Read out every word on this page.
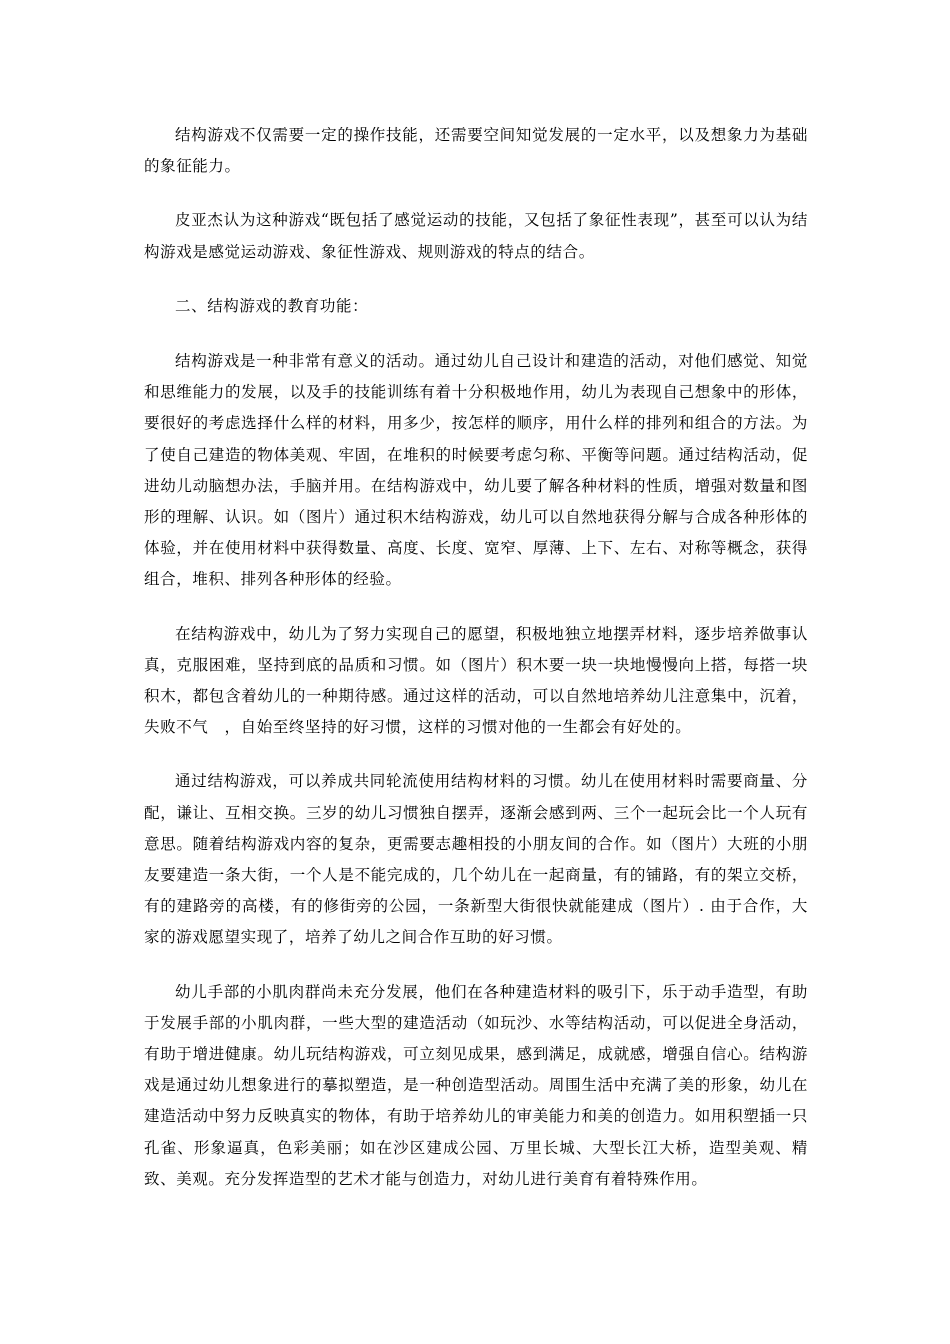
结构游戏不仅需要一定的操作技能，还需要空间知觉发展的一定水平，以及想象力为基础的象征能力。

皮亚杰认为这种游戏“既包括了感觉运动的技能，又包括了象征性表现”，甚至可以认为结构游戏是感觉运动游戏、象征性游戏、规则游戏的特点的结合。

二、结构游戏的教育功能：

结构游戏是一种非常有意义的活动。通过幼儿自己设计和建造的活动，对他们感觉、知觉和思维能力的发展，以及手的技能训练有着十分积极地作用，幼儿为表现自己想象中的形体，要很好的考虑选择什么样的材料，用多少，按怎样的顺序，用什么样的排列和组合的方法。为了使自己建造的物体美观、牢固，在堆积的时候要考虑匀称、平衡等问题。通过结构活动，促进幼儿动脑想办法，手脑并用。在结构游戏中，幼儿要了解各种材料的性质，增强对数量和图形的理解、认识。如（图片）通过积木结构游戏，幼儿可以自然地获得分解与合成各种形体的体验，并在使用材料中获得数量、高度、长度、宽窄、厚薄、上下、左右、对称等概念，获得组合，堆积、排列各种形体的经验。

在结构游戏中，幼儿为了努力实现自己的愿望，积极地独立地摆弄材料，逐步培养做事认真，克服困难，坚持到底的品质和习惯。如（图片）积木要一块一块地慢慢向上搭，每搭一块积木，都包含着幼儿的一种期待感。通过这样的活动，可以自然地培养幼儿注意集中，沉着，失败不气　，自始至终坚持的好习惯，这样的习惯对他的一生都会有好处的。

通过结构游戏，可以养成共同轮流使用结构材料的习惯。幼儿在使用材料时需要商量、分配，谦让、互相交换。三岁的幼儿习惯独自摆弄，逐渐会感到两、三个一起玩会比一个人玩有意思。随着结构游戏内容的复杂，更需要志趣相投的小朋友间的合作。如（图片）大班的小朋友要建造一条大街，一个人是不能完成的，几个幼儿在一起商量，有的铺路，有的架立交桥，有的建路旁的高楼，有的修街旁的公园，一条新型大街很快就能建成（图片）. 由于合作，大家的游戏愿望实现了，培养了幼儿之间合作互助的好习惯。

幼儿手部的小肌肉群尚未充分发展，他们在各种建造材料的吸引下，乐于动手造型，有助于发展手部的小肌肉群，一些大型的建造活动（如玩沙、水等结构活动，可以促进全身活动，有助于增进健康。幼儿玩结构游戏，可立刻见成果，感到满足，成就感，增强自信心。结构游戏是通过幼儿想象进行的摹拟塑造，是一种创造型活动。周围生活中充满了美的形象，幼儿在建造活动中努力反映真实的物体，有助于培养幼儿的审美能力和美的创造力。如用积塑插一只孔雀、形象逼真，色彩美丽；如在沙区建成公园、万里长城、大型长江大桥，造型美观、精致、美观。充分发挥造型的艺术才能与创造力，对幼儿进行美育有着特殊作用。
